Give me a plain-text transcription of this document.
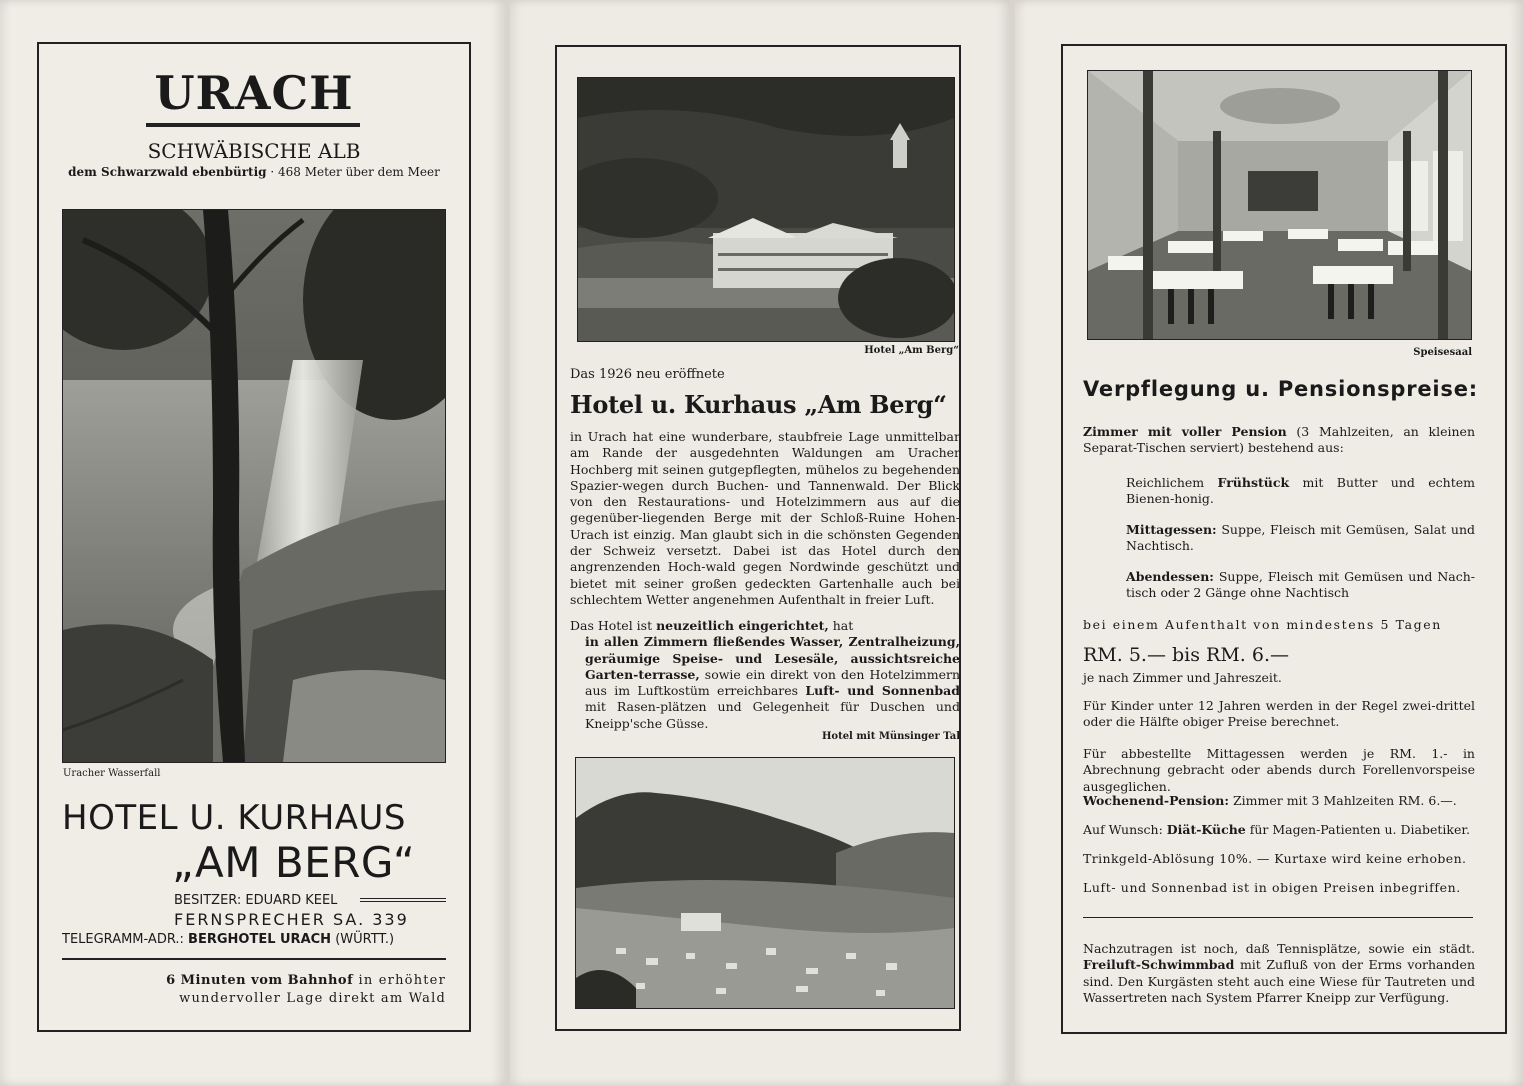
URACH
SCHWÄBISCHE ALB
dem Schwarzwald ebenbürtig · 468 Meter über dem Meer
Uracher Wasserfall
HOTEL U. KURHAUS
„AM BERG“
BESITZER: EDUARD KEEL
FERNSPRECHER SA. 339
TELEGRAMM-ADR.: BERGHOTEL URACH (WÜRTT.)
6 Minuten vom Bahnhof in erhöhter
wundervoller Lage direkt am Wald
Hotel „Am Berg“
Das 1926 neu eröffnete
Hotel u. Kurhaus „Am Berg“
in Urach hat eine wunderbare, staubfreie Lage unmittelbar am Rande der ausgedehnten Waldungen am Uracher Hochberg mit seinen gutgepflegten, mühelos zu begehenden Spazier-wegen durch Buchen- und Tannenwald. Der Blick von den Restaurations- und Hotelzimmern aus auf die gegenüber-liegenden Berge mit der Schloß-Ruine Hohen-Urach ist einzig. Man glaubt sich in die schönsten Gegenden der Schweiz versetzt. Dabei ist das Hotel durch den angrenzenden Hoch-wald gegen Nordwinde geschützt und bietet mit seiner großen gedeckten Gartenhalle auch bei schlechtem Wetter angenehmen Aufenthalt in freier Luft.
Das Hotel ist neuzeitlich eingerichtet, hat
in allen Zimmern fließendes Wasser, Zentralheizung, geräumige Speise- und Lesesäle, aussichtsreiche Garten-terrasse, sowie ein direkt von den Hotelzimmern aus im Luftkostüm erreichbares Luft- und Sonnenbad mit Rasen-plätzen und Gelegenheit für Duschen und Kneipp'sche Güsse.
Hotel mit Münsinger Tal
Speisesaal
Verpflegung u. Pensionspreise:
Zimmer mit voller Pension (3 Mahlzeiten, an kleinen Separat-Tischen serviert) bestehend aus:
Reichlichem Frühstück mit Butter und echtem Bienen-honig.
Mittagessen: Suppe, Fleisch mit Gemüsen, Salat und Nachtisch.
Abendessen: Suppe, Fleisch mit Gemüsen und Nach-tisch oder 2 Gänge ohne Nachtisch
bei einem Aufenthalt von mindestens 5 Tagen
RM. 5.— bis RM. 6.—
je nach Zimmer und Jahreszeit.
Für Kinder unter 12 Jahren werden in der Regel zwei-drittel oder die Hälfte obiger Preise berechnet.
Für abbestellte Mittagessen werden je RM. 1.- in Abrechnung gebracht oder abends durch Forellenvorspeise ausgeglichen.
Wochenend-Pension: Zimmer mit 3 Mahlzeiten RM. 6.—.
Auf Wunsch: Diät-Küche für Magen-Patienten u. Diabetiker.
Trinkgeld-Ablösung 10%. — Kurtaxe wird keine erhoben.
Luft- und Sonnenbad ist in obigen Preisen inbegriffen.
Nachzutragen ist noch, daß Tennisplätze, sowie ein städt. Freiluft-Schwimmbad mit Zufluß von der Erms vorhanden sind. Den Kurgästen steht auch eine Wiese für Tautreten und Wassertreten nach System Pfarrer Kneipp zur Verfügung.
